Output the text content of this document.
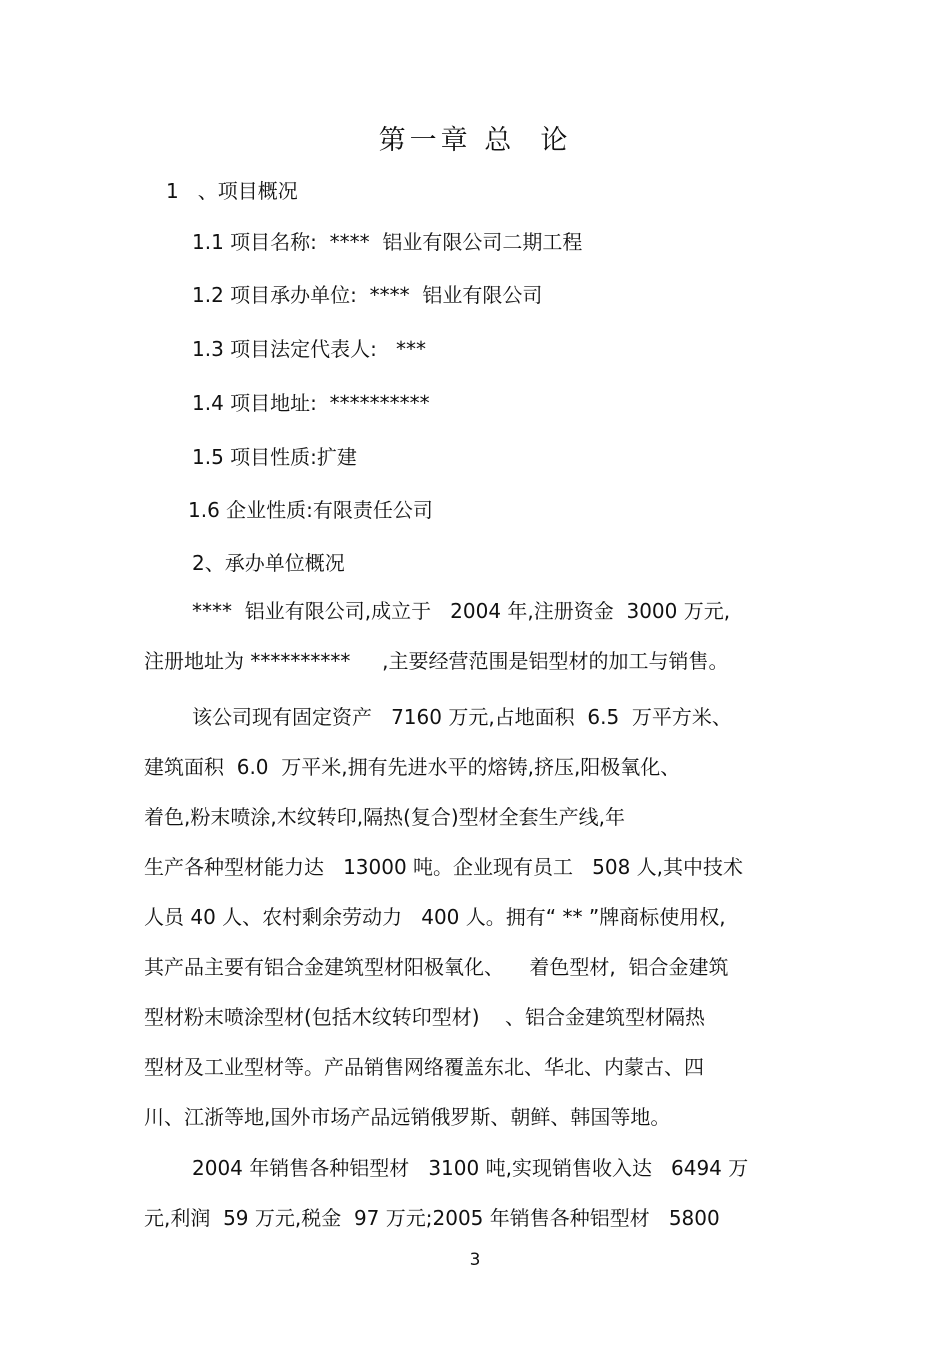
第一章 总  论
1   、项目概况
1.1 项目名称:  ****  铝业有限公司二期工程
1.2 项目承办单位:  ****  铝业有限公司
1.3 项目法定代表人:   ***
1.4 项目地址:  **********
1.5 项目性质:扩建
1.6 企业性质:有限责任公司
2、承办单位概况
****  铝业有限公司,成立于   2004 年,注册资金  3000 万元,
注册地址为 **********     ,主要经营范围是铝型材的加工与销售。
该公司现有固定资产   7160 万元,占地面积  6.5  万平方米、
建筑面积  6.0  万平米,拥有先进水平的熔铸,挤压,阳极氧化、
着色,粉末喷涂,木纹转印,隔热(复合)型材全套生产线,年
生产各种型材能力达   13000 吨。企业现有员工   508 人,其中技术
人员 40 人、农村剩余劳动力   400 人。拥有“ ** ”牌商标使用权,
其产品主要有铝合金建筑型材阳极氧化、    着色型材,  铝合金建筑
型材粉末喷涂型材(包括木纹转印型材)    、铝合金建筑型材隔热
型材及工业型材等。产品销售网络覆盖东北、华北、内蒙古、四
川、江浙等地,国外市场产品远销俄罗斯、朝鲜、韩国等地。
2004 年销售各种铝型材   3100 吨,实现销售收入达   6494 万
元,利润  59 万元,税金  97 万元;2005 年销售各种铝型材   5800
3
